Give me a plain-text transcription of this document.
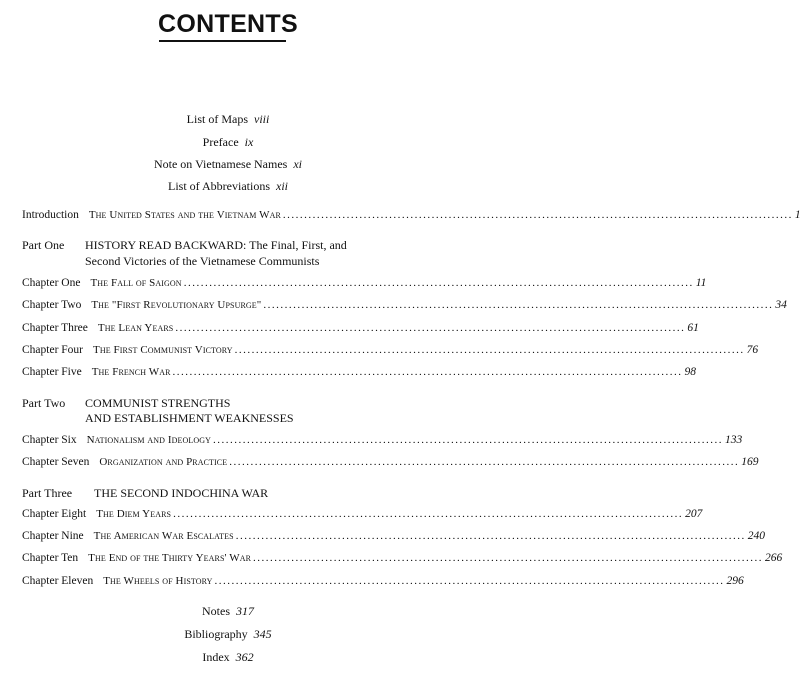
CONTENTS
List of Maps viii
Preface ix
Note on Vietnamese Names xi
List of Abbreviations xii
Introduction The United States and the Vietnam War ........................................................................................................................ 1
Part One	HISTORY READ BACKWARD: The Final, First, and
Second Victories of the Vietnamese Communists
Chapter One The Fall of Saigon ........................................................................................................................ 11
Chapter Two The "First Revolutionary Upsurge" ........................................................................................................................ 34
Chapter Three The Lean Years ........................................................................................................................ 61
Chapter Four The First Communist Victory ........................................................................................................................ 76
Chapter Five The French War ........................................................................................................................ 98
Part Two	COMMUNIST STRENGTHS
AND ESTABLISHMENT WEAKNESSES
Chapter Six Nationalism and Ideology ........................................................................................................................ 133
Chapter Seven Organization and Practice ........................................................................................................................ 169
Part Three	THE SECOND INDOCHINA WAR
Chapter Eight The Diem Years ........................................................................................................................ 207
Chapter Nine The American War Escalates ........................................................................................................................ 240
Chapter Ten The End of the Thirty Years' War ........................................................................................................................ 266
Chapter Eleven The Wheels of History ........................................................................................................................ 296
Notes 317
Bibliography 345
Index 362
